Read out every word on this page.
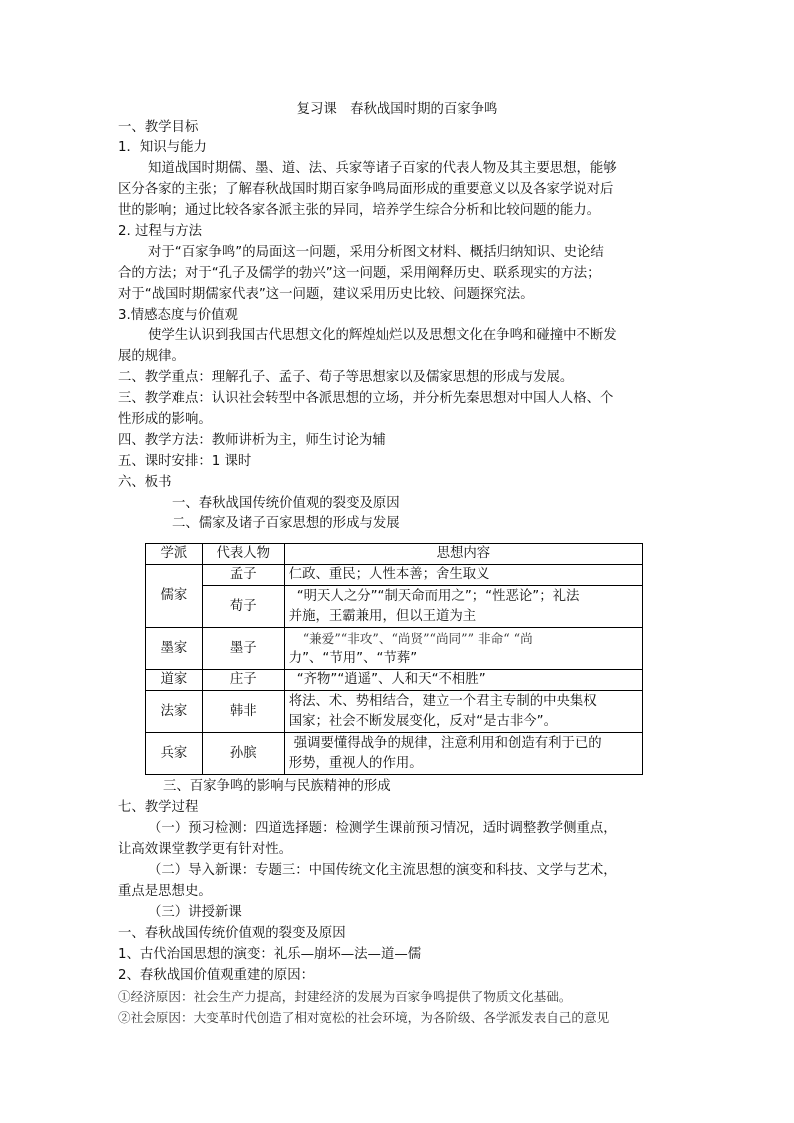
复习课　春秋战国时期的百家争鸣
一、教学目标
1．知识与能力
知道战国时期儒、墨、道、法、兵家等诸子百家的代表人物及其主要思想，能够
区分各家的主张；了解春秋战国时期百家争鸣局面形成的重要意义以及各家学说对后
世的影响；通过比较各家各派主张的异同，培养学生综合分析和比较问题的能力。
2. 过程与方法
对于“百家争鸣”的局面这一问题，采用分析图文材料、概括归纳知识、史论结
合的方法；对于“孔子及儒学的勃兴”这一问题，采用阐释历史、联系现实的方法；
对于“战国时期儒家代表”这一问题，建议采用历史比较、问题探究法。
3.情感态度与价值观
使学生认识到我国古代思想文化的辉煌灿烂以及思想文化在争鸣和碰撞中不断发
展的规律。
二、教学重点：理解孔子、孟子、荀子等思想家以及儒家思想的形成与发展。
三、教学难点：认识社会转型中各派思想的立场，并分析先秦思想对中国人人格、个
性形成的影响。
四、教学方法：教师讲析为主，师生讨论为辅
五、课时安排：1 课时
六、板书
一、春秋战国传统价值观的裂变及原因
二、儒家及诸子百家思想的形成与发展
学派	代表人物	思想内容
儒家	孟子	仁政、重民；人性本善；舍生取义
	荀子	“明天人之分”“制天命而用之”；“性恶论”；礼法
并施，王霸兼用，但以王道为主

墨家	墨子	“兼爱”“非攻”、“尚贤”“尚同”” 非命“ “尚
力”、“节用”、“节葬”

道家	庄子	“齐物”“逍遥”、人和天“不相胜”
法家	韩非	将法、术、势相结合，建立一个君主专制的中央集权
国家；社会不断发展变化，反对“是古非今”。

兵家	孙膑	强调要懂得战争的规律，注意利用和创造有利于已的
形势，重视人的作用。
三、百家争鸣的影响与民族精神的形成
七、教学过程
（一）预习检测：四道选择题：检测学生课前预习情况，适时调整教学侧重点，
让高效课堂教学更有针对性。
（二）导入新课：专题三：中国传统文化主流思想的演变和科技、文学与艺术，
重点是思想史。
（三）讲授新课
一、春秋战国传统价值观的裂变及原因
1、古代治国思想的演变：礼乐—崩坏—法—道—儒
2、春秋战国价值观重建的原因：
①经济原因：社会生产力提高，封建经济的发展为百家争鸣提供了物质文化基础。
②社会原因：大变革时代创造了相对宽松的社会环境，为各阶级、各学派发表自己的意见
